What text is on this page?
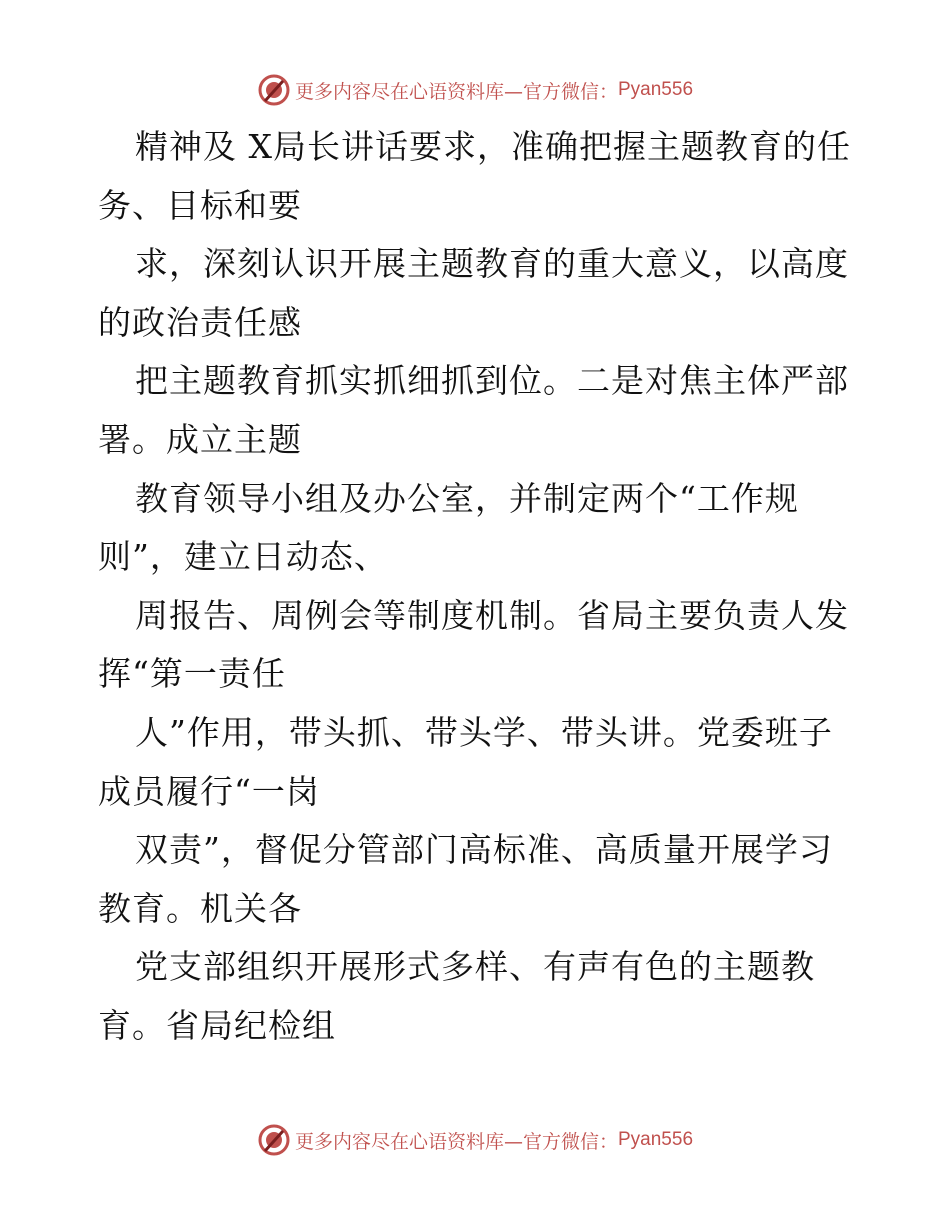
更多内容尽在心语资料库—官方微信： Pyan556

精神及 X局长讲话要求，准确把握主题教育的任务、目标和要

求，深刻认识开展主题教育的重大意义，以高度的政治责任感

把主题教育抓实抓细抓到位。二是对焦主体严部署。成立主题

教育领导小组及办公室，并制定两个“工作规则”，建立日动态、

周报告、周例会等制度机制。省局主要负责人发挥“第一责任

人”作用，带头抓、带头学、带头讲。党委班子成员履行“一岗

双责”，督促分管部门高标准、高质量开展学习教育。机关各

党支部组织开展形式多样、有声有色的主题教育。省局纪检组

更多内容尽在心语资料库—官方微信： Pyan556
